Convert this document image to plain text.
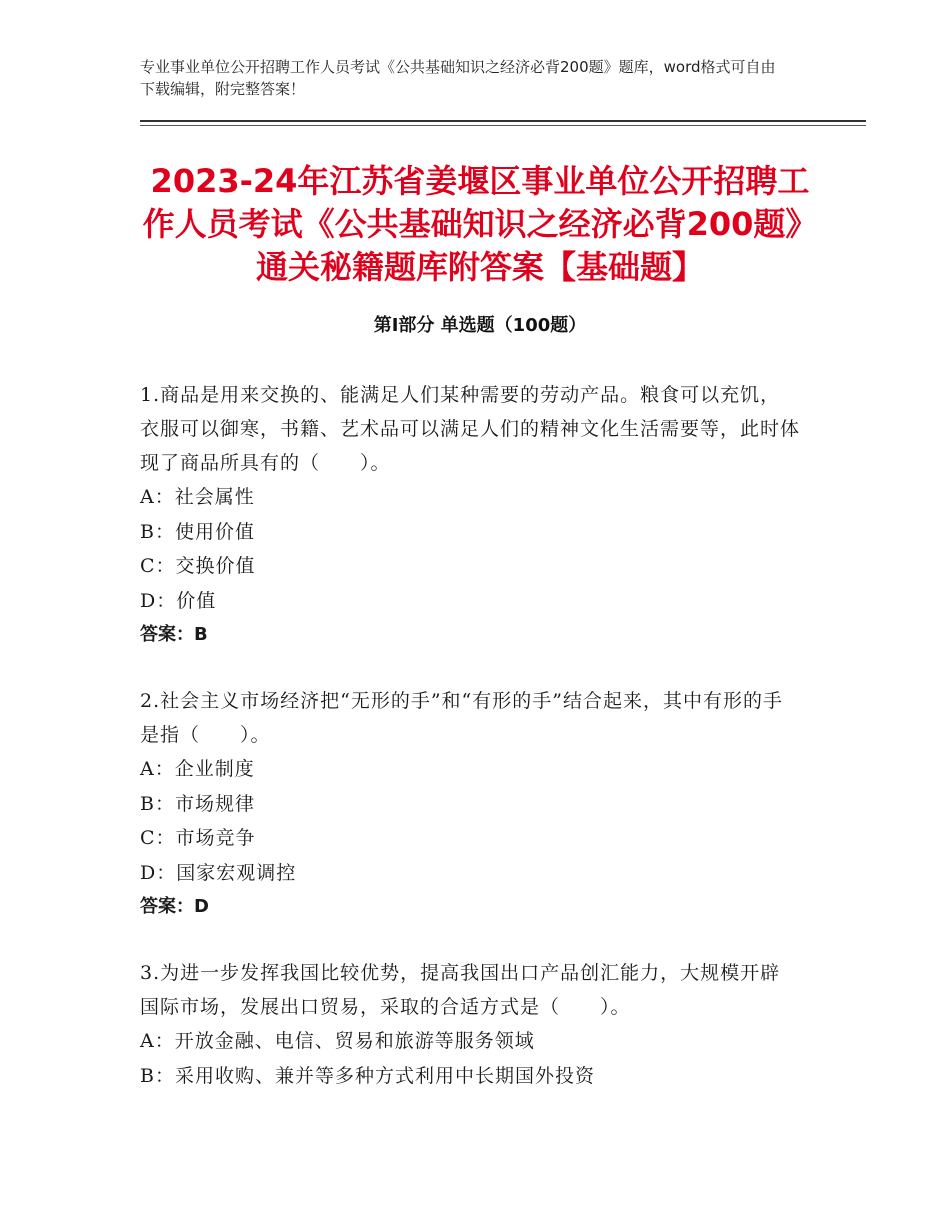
专业事业单位公开招聘工作人员考试《公共基础知识之经济必背200题》题库，word格式可自由下载编辑，附完整答案！
2023-24年江苏省姜堰区事业单位公开招聘工作人员考试《公共基础知识之经济必背200题》通关秘籍题库附答案【基础题】
第Ⅰ部分 单选题（100题）
1.商品是用来交换的、能满足人们某种需要的劳动产品。粮食可以充饥，衣服可以御寒，书籍、艺术品可以满足人们的精神文化生活需要等，此时体现了商品所具有的（　　）。
A：社会属性
B：使用价值
C：交换价值
D：价值
答案：B
2.社会主义市场经济把“无形的手”和“有形的手”结合起来，其中有形的手是指（　　）。
A：企业制度
B：市场规律
C：市场竞争
D：国家宏观调控
答案：D
3.为进一步发挥我国比较优势，提高我国出口产品创汇能力，大规模开辟国际市场，发展出口贸易，采取的合适方式是（　　）。
A：开放金融、电信、贸易和旅游等服务领域
B：采用收购、兼并等多种方式利用中长期国外投资
